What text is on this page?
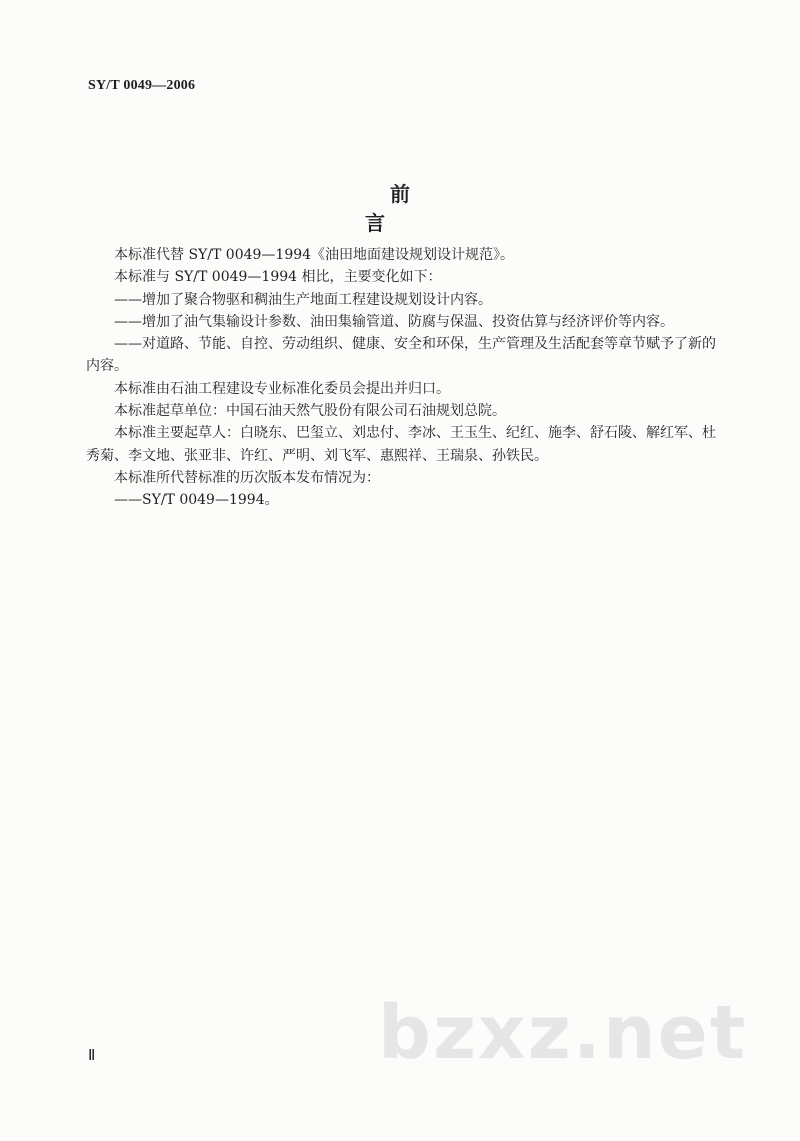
SY/T 0049—2006
前 言

本标准代替 SY/T 0049—1994《油田地面建设规划设计规范》。

本标准与 SY/T 0049—1994 相比，主要变化如下：

——增加了聚合物驱和稠油生产地面工程建设规划设计内容。

——增加了油气集输设计参数、油田集输管道、防腐与保温、投资估算与经济评价等内容。

——对道路、节能、自控、劳动组织、健康、安全和环保，生产管理及生活配套等章节赋予了新的内容。

本标准由石油工程建设专业标准化委员会提出并归口。

本标准起草单位：中国石油天然气股份有限公司石油规划总院。

本标准主要起草人：白晓东、巴玺立、刘忠付、李冰、王玉生、纪红、施李、舒石陵、解红军、杜秀菊、李文地、张亚非、许红、严明、刘飞军、惠熙祥、王瑞泉、孙铁民。

本标准所代替标准的历次版本发布情况为：

——SY/T 0049—1994。

bzxz.net
Ⅱ
